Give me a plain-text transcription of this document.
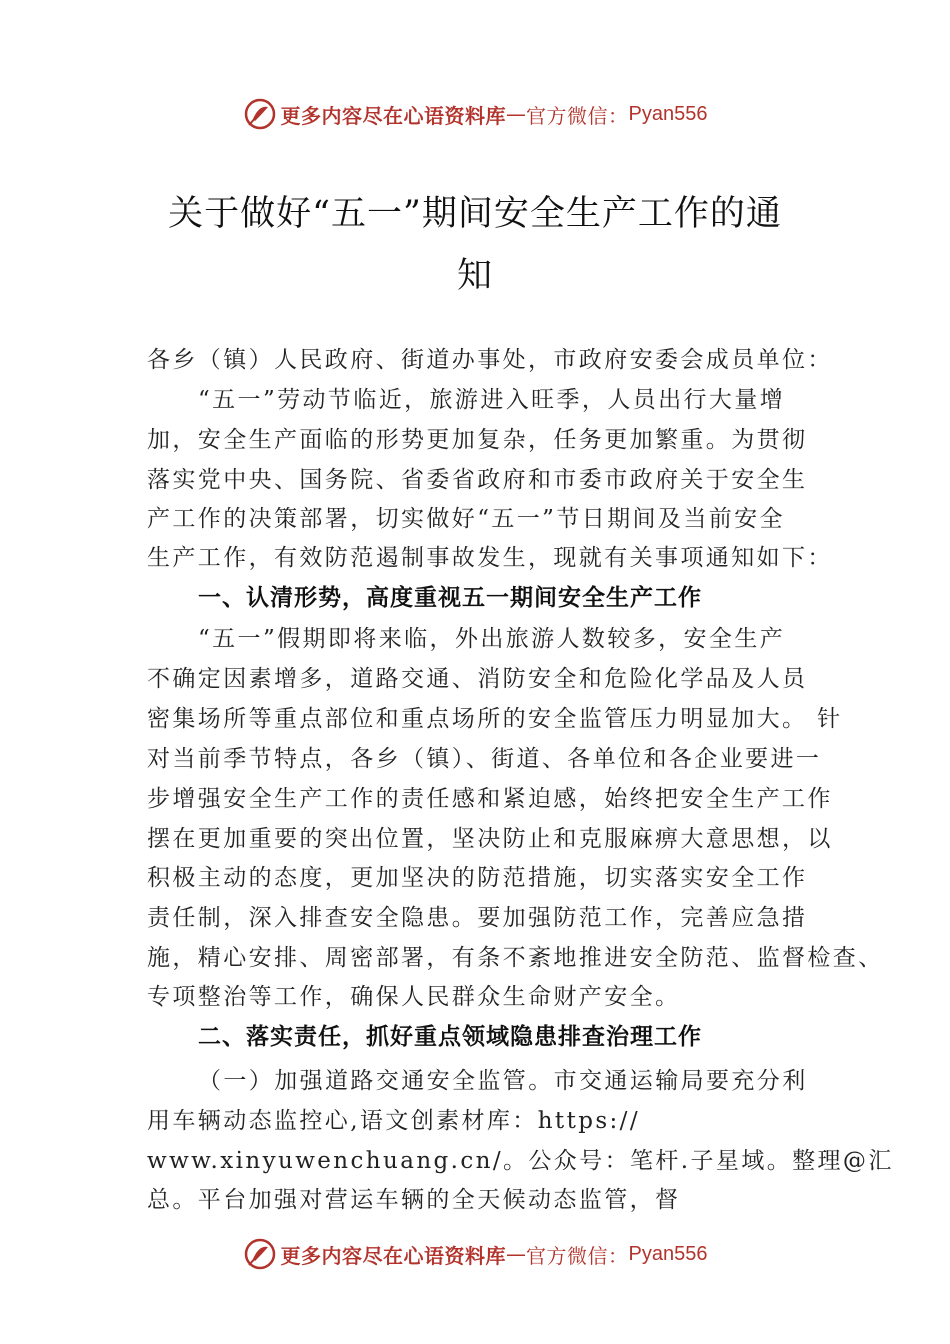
更多内容尽在心语资料库 — 官方微信： Pyan556
关于做好“五一”期间安全生产工作的通
知
各乡（镇）人民政府、街道办事处，市政府安委会成员单位：
“五一”劳动节临近，旅游进入旺季，人员出行大量增
加，安全生产面临的形势更加复杂，任务更加繁重。为贯彻
落实党中央、国务院、省委省政府和市委市政府关于安全生
产工作的决策部署，切实做好“五一”节日期间及当前安全
生产工作，有效防范遏制事故发生，现就有关事项通知如下：
一、认清形势，高度重视五一期间安全生产工作
“五一”假期即将来临，外出旅游人数较多，安全生产
不确定因素增多，道路交通、消防安全和危险化学品及人员
密集场所等重点部位和重点场所的安全监管压力明显加大。 针
对当前季节特点，各乡（镇）、街道、各单位和各企业要进一
步增强安全生产工作的责任感和紧迫感，始终把安全生产工作
摆在更加重要的突出位置，坚决防止和克服麻痹大意思想，以
积极主动的态度，更加坚决的防范措施，切实落实安全工作
责任制，深入排查安全隐患。要加强防范工作，完善应急措
施，精心安排、周密部署，有条不紊地推进安全防范、监督检查、
专项整治等工作，确保人民群众生命财产安全。
二、落实责任，抓好重点领域隐患排查治理工作
（一）加强道路交通安全监管。市交通运输局要充分利
用车辆动态监控心,语文创素材库：https://
www.xinyuwenchuang.cn/。公众号：笔杆.子星域。整理@汇
总。平台加强对营运车辆的全天候动态监管，督
更多内容尽在心语资料库 — 官方微信： Pyan556
